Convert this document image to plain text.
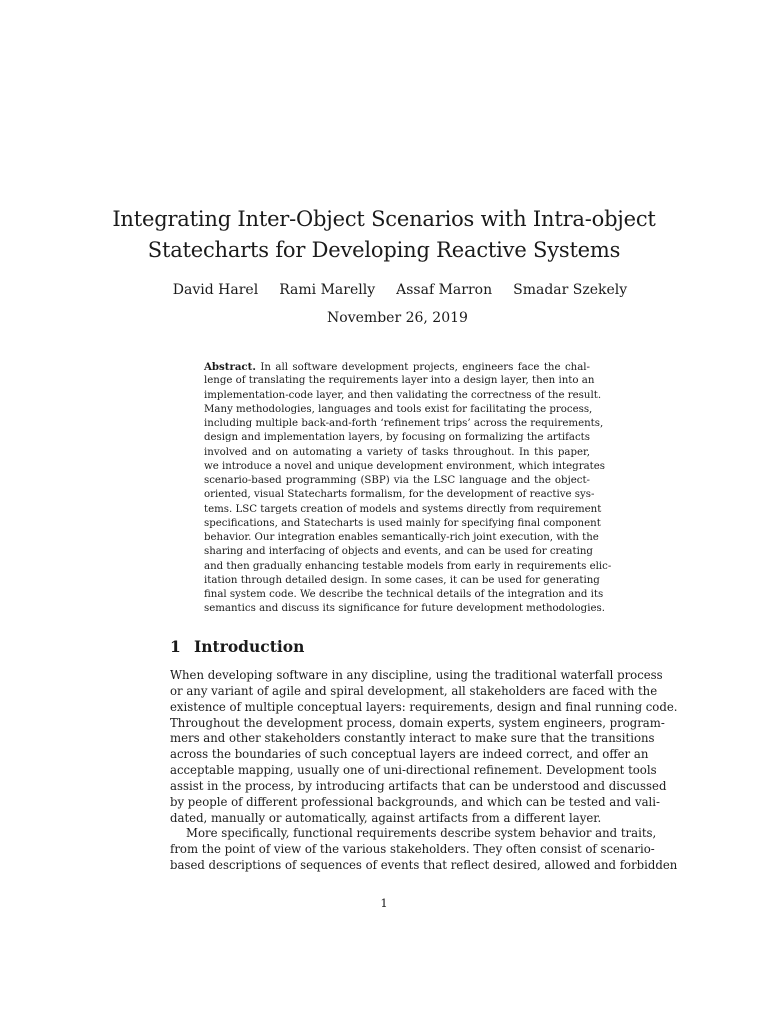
Integrating Inter-Object Scenarios with Intra-object
Statecharts for Developing Reactive Systems
David Harel Rami Marelly Assaf Marron Smadar Szekely
November 26, 2019
Abstract. In all software development projects, engineers face the chal-
lenge of translating the requirements layer into a design layer, then into an
implementation-code layer, and then validating the correctness of the result.
Many methodologies, languages and tools exist for facilitating the process,
including multiple back-and-forth ‘refinement trips’ across the requirements,
design and implementation layers, by focusing on formalizing the artifacts
involved and on automating a variety of tasks throughout. In this paper,
we introduce a novel and unique development environment, which integrates
scenario-based programming (SBP) via the LSC language and the object-
oriented, visual Statecharts formalism, for the development of reactive sys-
tems. LSC targets creation of models and systems directly from requirement
specifications, and Statecharts is used mainly for specifying final component
behavior. Our integration enables semantically-rich joint execution, with the
sharing and interfacing of objects and events, and can be used for creating
and then gradually enhancing testable models from early in requirements elic-
itation through detailed design. In some cases, it can be used for generating
final system code. We describe the technical details of the integration and its
semantics and discuss its significance for future development methodologies.
1 Introduction
When developing software in any discipline, using the traditional waterfall process
or any variant of agile and spiral development, all stakeholders are faced with the
existence of multiple conceptual layers: requirements, design and final running code.
Throughout the development process, domain experts, system engineers, program-
mers and other stakeholders constantly interact to make sure that the transitions
across the boundaries of such conceptual layers are indeed correct, and offer an
acceptable mapping, usually one of uni-directional refinement. Development tools
assist in the process, by introducing artifacts that can be understood and discussed
by people of different professional backgrounds, and which can be tested and vali-
dated, manually or automatically, against artifacts from a different layer.
More specifically, functional requirements describe system behavior and traits,
from the point of view of the various stakeholders. They often consist of scenario-
based descriptions of sequences of events that reflect desired, allowed and forbidden
1
